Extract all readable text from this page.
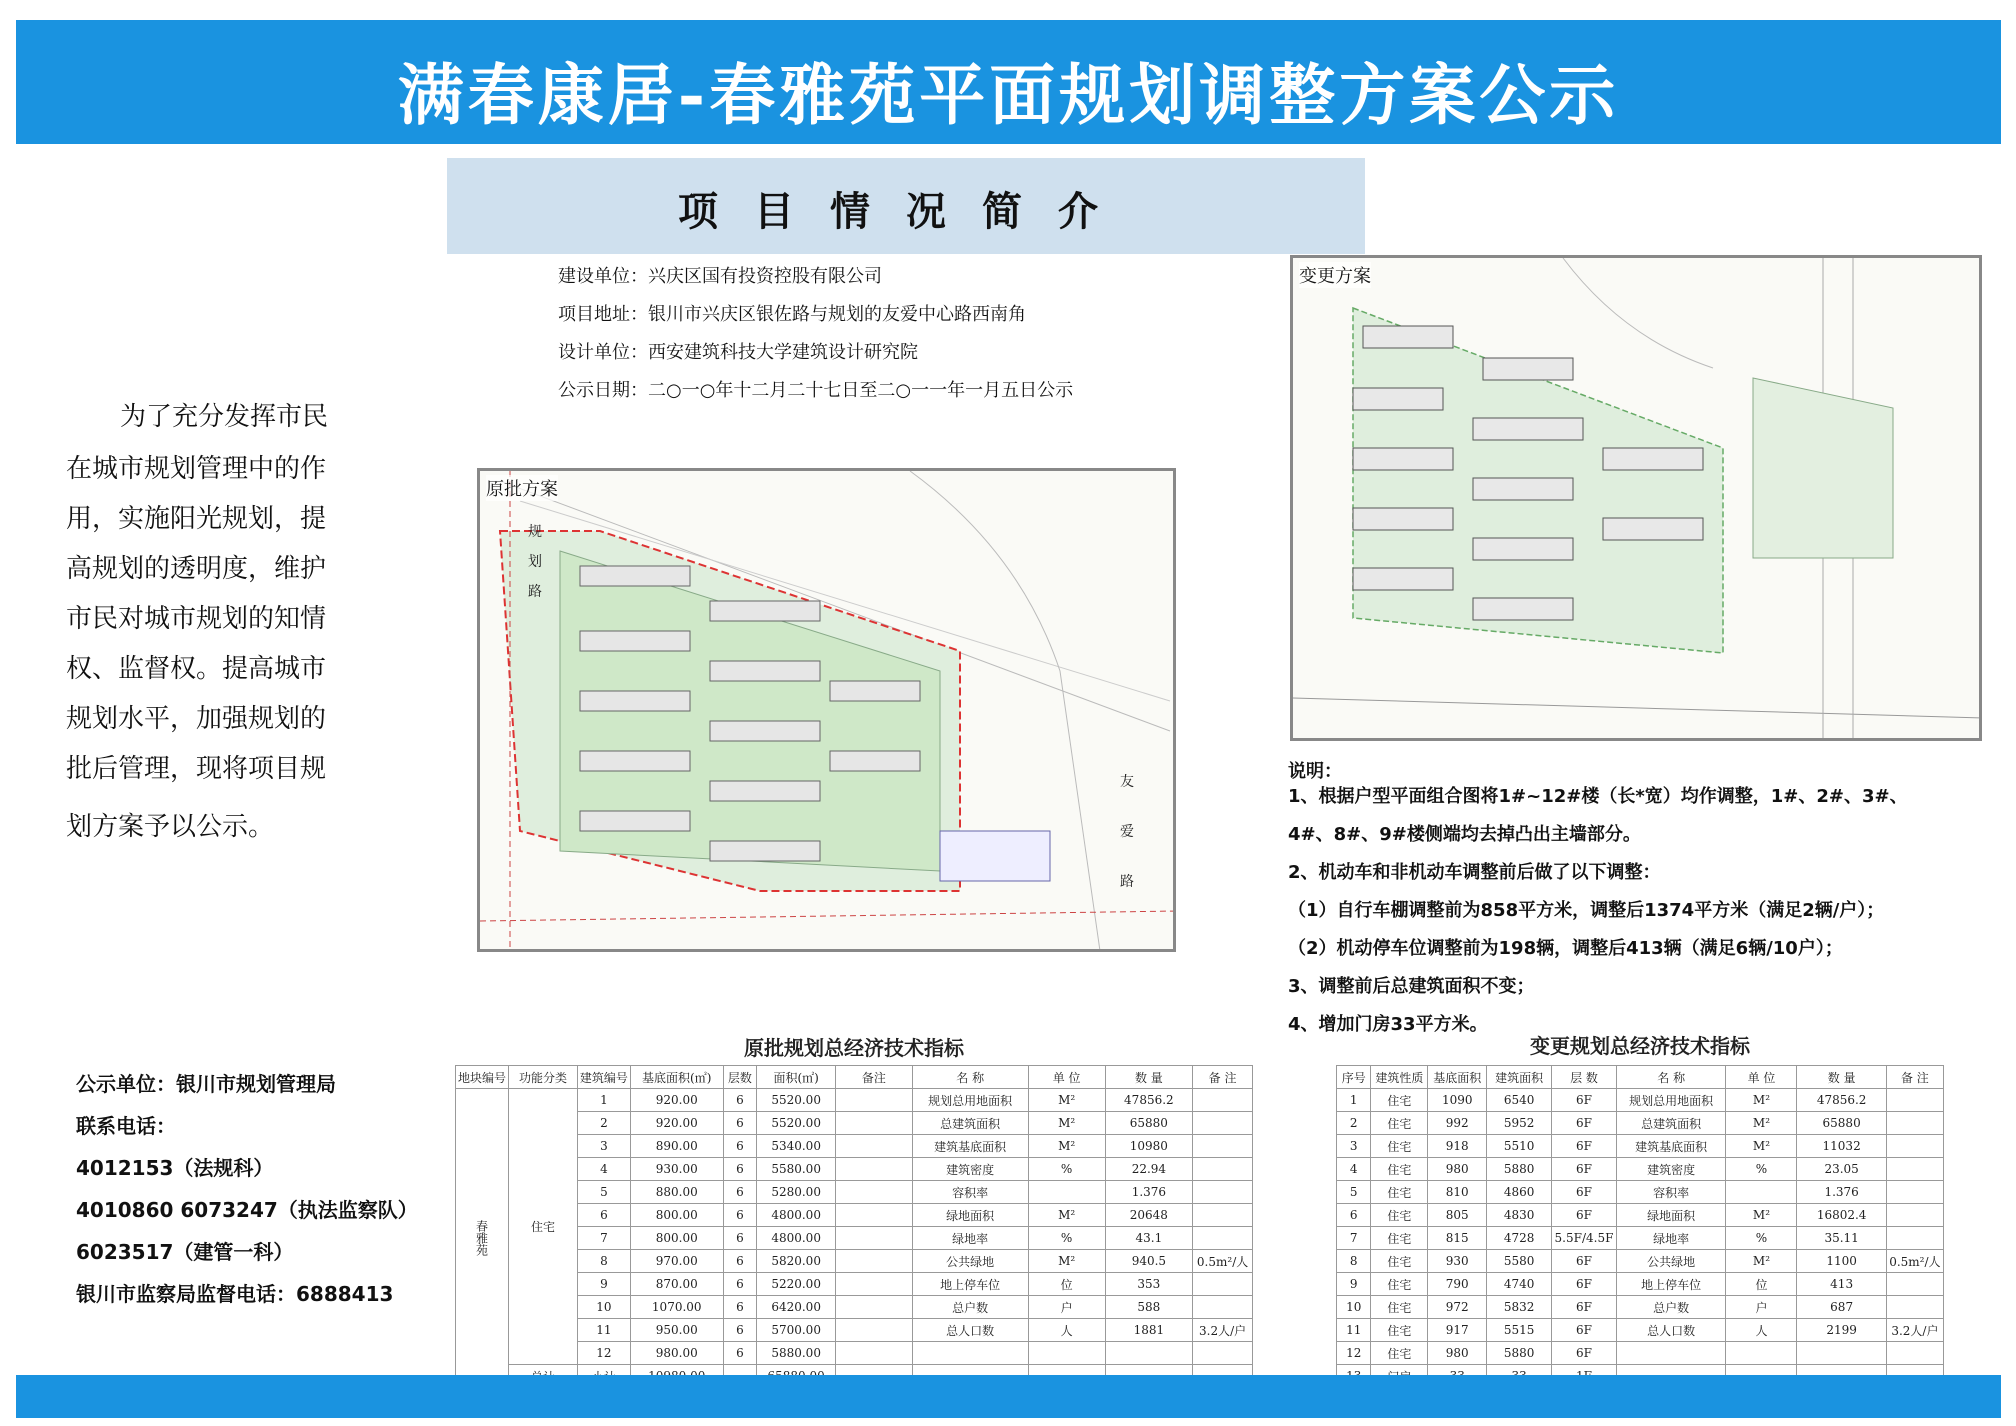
满春康居-春雅苑平面规划调整方案公示
项目情况简介
建设单位：兴庆区国有投资控股有限公司
项目地址：银川市兴庆区银佐路与规划的友爱中心路西南角
设计单位：西安建筑科技大学建筑设计研究院
公示日期：二○一○年十二月二十七日至二○一一年一月五日公示
为了充分发挥市民
在城市规划管理中的作
用，实施阳光规划，提
高规划的透明度，维护
市民对城市规划的知情
权、监督权。提高城市
规划水平，加强规划的
批后管理，现将项目规
划方案予以公示。
原批方案
规
划
路
友
爱
路
变更方案
说明：
1、根据户型平面组合图将1#~12#楼（长*宽）均作调整，1#、2#、3#、
4#、8#、9#楼侧端均去掉凸出主墙部分。
2、机动车和非机动车调整前后做了以下调整：
（1）自行车棚调整前为858平方米，调整后1374平方米（满足2辆/户）；
（2）机动停车位调整前为198辆，调整后413辆（满足6辆/10户）；
3、调整前后总建筑面积不变；
4、增加门房33平方米。
公示单位：银川市规划管理局
联系电话：
4012153（法规科）
4010860 6073247（执法监察队）
6023517（建管一科）
银川市监察局监督电话：6888413
原批规划总经济技术指标
地块编号	功能分类	建筑编号	基底面积(㎡)	层数	面积(㎡)	备注	名 称	单 位	数 量	备 注
春雅苑	住宅	1	920.00	6	5520.00		规划总用地面积	M²	47856.2	
		2	920.00	6	5520.00		总建筑面积	M²	65880	
		3	890.00	6	5340.00		建筑基底面积	M²	10980	
		4	930.00	6	5580.00		建筑密度	%	22.94	
		5	880.00	6	5280.00		容积率		1.376	
		6	800.00	6	4800.00		绿地面积	M²	20648	
		7	800.00	6	4800.00		绿地率	%	43.1	
		8	970.00	6	5820.00		公共绿地	M²	940.5	0.5m²/人
		9	870.00	6	5220.00		地上停车位	位	353	
		10	1070.00	6	6420.00		总户数	户	588	
		11	950.00	6	5700.00		总人口数	人	1881	3.2人/户
		12	980.00	6	5880.00					

变更规划总经济技术指标
序号	建筑性质	基底面积	建筑面积	层 数	名 称	单 位	数 量	备 注
1	住宅	1090	6540	6F	规划总用地面积	M²	47856.2	
2	住宅	992	5952	6F	总建筑面积	M²	65880	
3	住宅	918	5510	6F	建筑基底面积	M²	11032	
4	住宅	980	5880	6F	建筑密度	%	23.05	
5	住宅	810	4860	6F	容积率		1.376	
6	住宅	805	4830	6F	绿地面积	M²	16802.4	
7	住宅	815	4728	5.5F/4.5F	绿地率	%	35.11	
8	住宅	930	5580	6F	公共绿地	M²	1100	0.5m²/人
9	住宅	790	4740	6F	地上停车位	位	413	
10	住宅	972	5832	6F	总户数	户	687	
11	住宅	917	5515	6F	总人口数	人	2199	3.2人/户
12	住宅	980	5880	6F				
